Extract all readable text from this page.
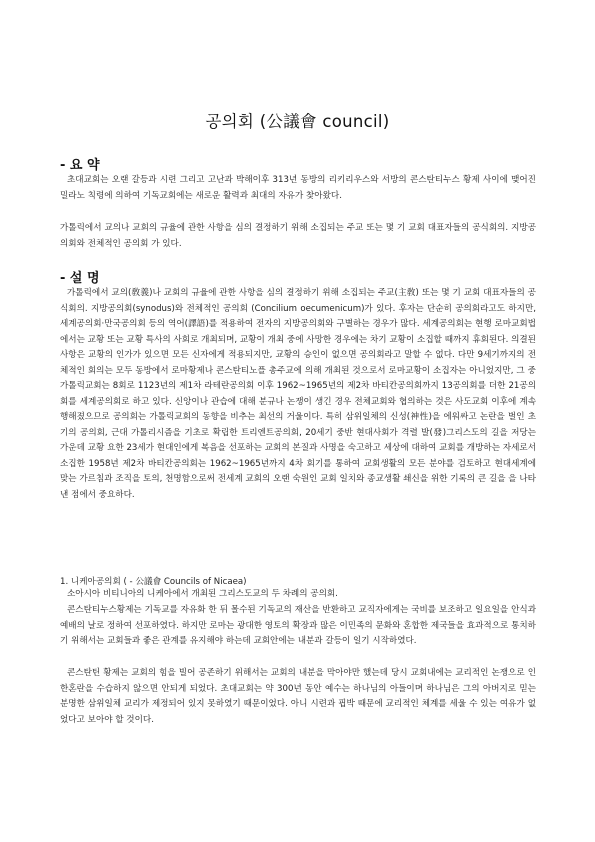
공의회 (公議會 council)
- 요 약

초대교회는 오랜 갈등과 시련 그리고 고난과 박해이후 313년 동방의 리키리우스와 서방의 콘스탄티누스 황제 사이에 맺어진 밀라노 칙령에 의하여 기독교회에는 새로운 활력과 최대의 자유가 찾아왔다.

가톨릭에서 교의나 교회의 규율에 관한 사항을 심의 결정하기 위해 소집되는 주교 또는 몇 기 교회 대표자들의 공식회의. 지방공의회와 전체적인 공의회 가 있다.

- 설 명

가톨릭에서 교의(敎義)나 교회의 규율에 관한 사항을 심의 결정하기 위해 소집되는 주교(主敎) 또는 몇 기 교회 대표자들의 공식회의. 지방공의회(synodus)와 전체적인 공의회 (Concilium oecumenicum)가 있다. 후자는 단순히 공의회라고도 하지만, 세계공의회·만국공의회 등의 역어(譯語)를 적용하여 전자의 지방공의회와 구별하는 경우가 많다. 세계공의회는 현행 로마교회법에서는 교황 또는 교황 특사의 사회로 개최되며, 교황이 개최 중에 사망한 경우에는 차기 교황이 소집할 때까지 휴회된다. 의결된 사항은 교황의 인가가 있으면 모든 신자에게 적용되지만, 교황의 승인이 없으면 공의회라고 말할 수 없다. 다만 9세기까지의 전체적인 회의는 모두 동방에서 로마황제나 콘스탄티노플 총주교에 의해 개최된 것으로서 로마교황이 소집자는 아니었지만, 그 중 가톨릭교회는 8회로 1123년의 제1차 라테란공의회 이후 1962~1965년의 제2차 바티칸공의회까지 13공의회를 더한 21공의회를 세계공의회로 하고 있다. 신앙이나 관습에 대해 분규나 논쟁이 생긴 경우 전체교회와 협의하는 것은 사도교회 이후에 계속 행해졌으므로 공의회는 가톨릭교회의 동향을 비추는 최선의 거울이다. 특히 삼위일체의 신성(神性)을 에워싸고 논란을 벌인 초기의 공의회, 근대 가톨리시즘을 기초로 확립한 트리엔트공의회, 20세기 중반 현대사회가 격렬 발(發)그리스도의 길을 저당는 가운데 교황 요한 23세가 현대인에게 복음을 선포하는 교회의 본질과 사명을 숙고하고 세상에 대하여 교회를 개방하는 자세로서 소집한 1958년 제2차 바티칸공의회는 1962~1965년까지 4차 회기를 통하여 교회생활의 모든 분야를 검토하고 현대세계에 맞는 가르침과 조직을 토의, 천명함으로써 전세계 교회의 오랜 숙원인 교회 일치와 종교생활 쇄신을 위한 기록의 큰 길을 을 나타낸 점에서 중요하다.

1. 니케아공의회 ( - 公議會 Councils of Nicaea)

소아시아 비티니아의 니케아에서 개최된 그리스도교의 두 차례의 공의회.

콘스탄티누스황제는 기독교를 자유화 한 뒤 몰수된 기독교의 재산을 반환하고 교직자에게는 국비를 보조하고 일요일을 안식과 예배의 날로 정하여 선포하였다. 하지만 로마는 광대한 영토의 확장과 많은 이민족의 문화와 혼합한 제국들을 효과적으로 통치하기 위해서는 교회들과 좋은 관계를 유지해야 하는데 교회안에는 내분과 갈등이 일기 시작하였다.

콘스탄틴 황제는 교회의 힘을 빌어 공존하기 위해서는 교회의 내분을 막아야만 했는데 당시 교회내에는 교리적인 논쟁으로 인한혼란을 수습하지 않으면 안되게 되었다. 초대교회는 약 300년 동안 예수는 하나님의 아들이며 하나님은 그의 아버지로 믿는 분명한 삼위일체 교리가 제정되어 있지 못하였기 때문이었다. 아니 시련과 핍박 때문에 교리적인 체계를 세울 수 있는 여유가 없었다고 보아야 할 것이다.
